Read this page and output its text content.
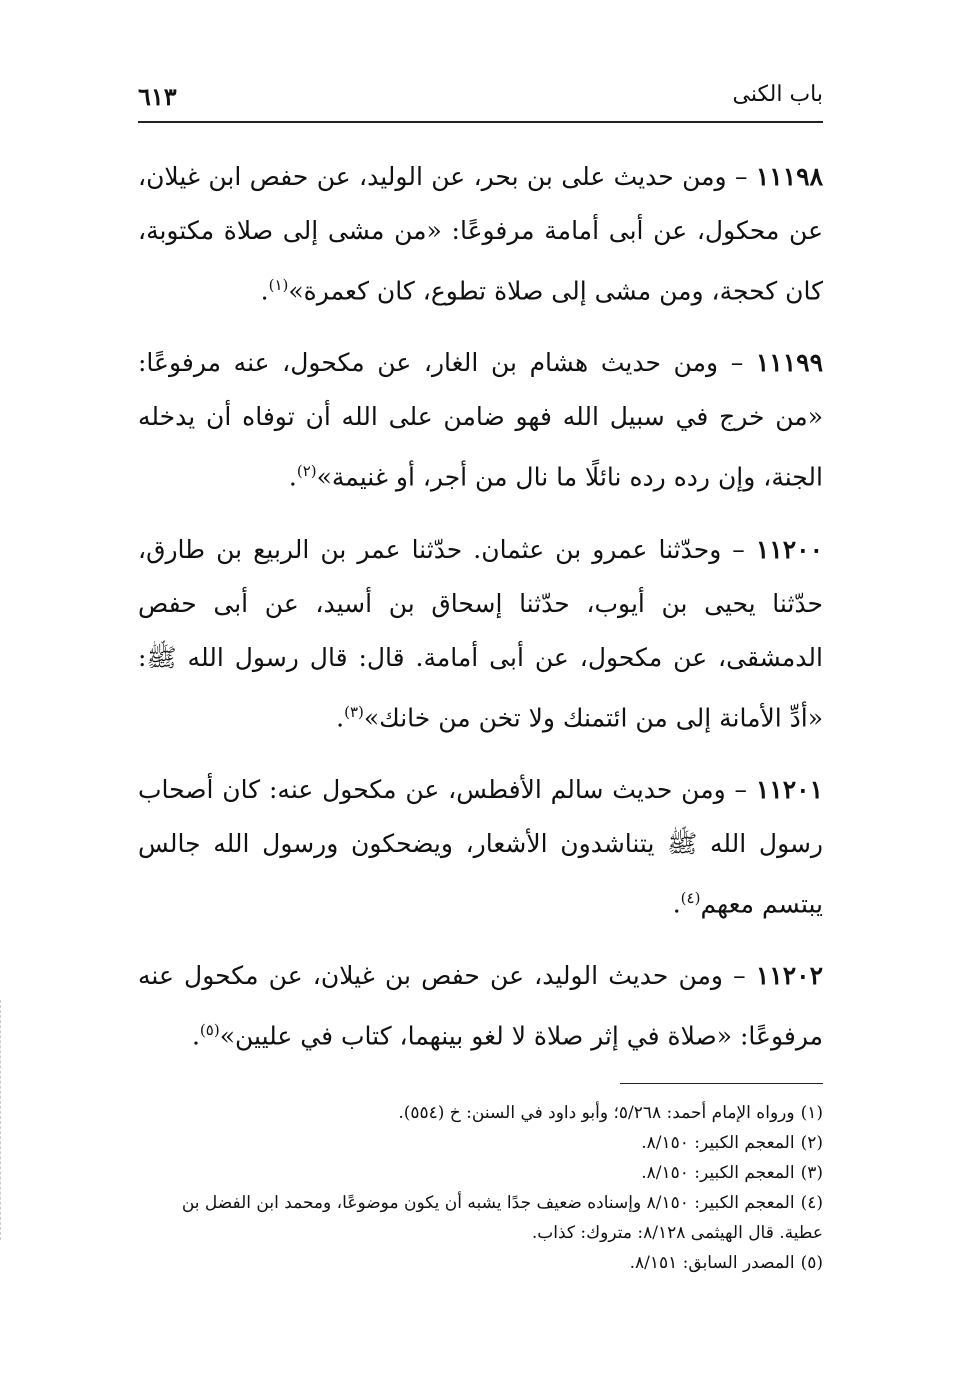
باب الكنى
٦١٣

١١١٩٨ – ومن حديث على بن بحر، عن الوليد، عن حفص ابن غيلان، عن محكول، عن أبى أمامة مرفوعًا: «من مشى إلى صلاة مكتوبة، كان كحجة، ومن مشى إلى صلاة تطوع، كان كعمرة»$^{(١)}$.

١١١٩٩ – ومن حديث هشام بن الغار، عن مكحول، عنه مرفوعًا: «من خرج في سبيل الله فهو ضامن على الله أن توفاه أن يدخله الجنة، وإن رده رده نائلًا ما نال من أجر، أو غنيمة»$^{(٢)}$.

١١٢٠٠ – وحدّثنا عمرو بن عثمان. حدّثنا عمر بن الربيع بن طارق، حدّثنا يحيى بن أيوب، حدّثنا إسحاق بن أسيد، عن أبى حفص الدمشقى، عن مكحول، عن أبى أمامة. قال: قال رسول الله ﷺ: «أدِّ الأمانة إلى من ائتمنك ولا تخن من خانك»$^{(٣)}$.

١١٢٠١ – ومن حديث سالم الأفطس، عن مكحول عنه: كان أصحاب رسول الله ﷺ يتناشدون الأشعار، ويضحكون ورسول الله جالس يبتسم معهم$^{(٤)}$.

١١٢٠٢ – ومن حديث الوليد، عن حفص بن غيلان، عن مكحول عنه مرفوعًا: «صلاة في إثر صلاة لا لغو بينهما، كتاب في عليين»$^{(٥)}$.

(١)ورواه الإمام أحمد: ٥/٢٦٨؛ وأبو داود في السنن: خ (٥٥٤).

(٢)المعجم الكبير: ٨/١٥٠.

(٣)المعجم الكبير: ٨/١٥٠.

(٤)المعجم الكبير: ٨/١٥٠ وإسناده ضعيف جدًا يشبه أن يكون موضوعًا، ومحمد ابن الفضل بن عطية. قال الهيثمى ٨/١٢٨: متروك: كذاب.

(٥)المصدر السابق: ٨/١٥١.
